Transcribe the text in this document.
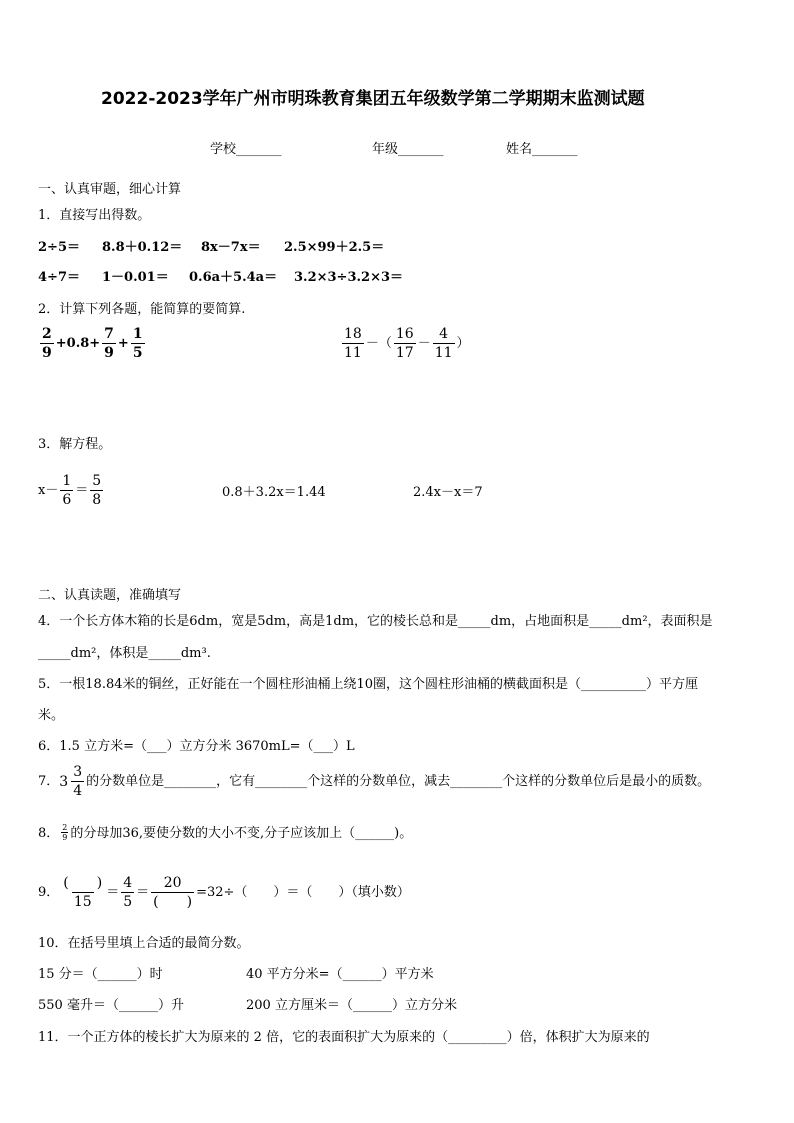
2022-2023学年广州市明珠教育集团五年级数学第二学期期末监测试题
学校_______	年级_______	姓名_______
一、认真审题，细心计算
1．直接写出得数。
2÷5＝ 8.8＋0.12＝ 8x－7x＝ 2.5×99＋2.5＝
4÷7＝ 1－0.01＝ 0.6a＋5.4a＝ 3.2×3÷3.2×3＝
2．计算下列各题，能简算的要简算.
$\frac{2}{9} +0.8+ \frac{7}{9} + \frac{1}{5}$	$\frac{18}{11}$ － （ $\frac{16}{17} - \frac{4}{11}$ ）
3．解方程。
$x- \frac{1}{6} = \frac{5}{8}$	0.8＋3.2x＝1.44	2.4x－x＝7
二、认真读题，准确填写
4．一个长方体木箱的长是6dm，宽是5dm，高是1dm，它的棱长总和是_____dm，占地面积是_____dm²，表面积是
_____dm²，体积是_____dm³.
5．一根18.84米的铜丝，正好能在一个圆柱形油桶上绕10圈，这个圆柱形油桶的横截面积是（__________）平方厘
米。
6．1.5 立方米=（___）立方分米 3670mL=（___）L
7． $3 \frac{3}{4}$ 的分数单位是________，它有________个这样的分数单位，减去________个这样的分数单位后是最小的质数。
8． $\frac{2}{9}$ 的分母加36,要使分数的大小不变,分子应该加上（______)。
9． $\frac{( )}{15} = \frac{4}{5} = \frac{20}{( )} =32\div$（　　）＝（　　）（填小数）
10．在括号里填上合适的最简分数。
15 分＝（______）时	40 平方分米=（______）平方米
550 毫升＝（______）升	200 立方厘米＝（______）立方分米
11．一个正方体的棱长扩大为原来的 2 倍，它的表面积扩大为原来的（_________）倍，体积扩大为原来的
